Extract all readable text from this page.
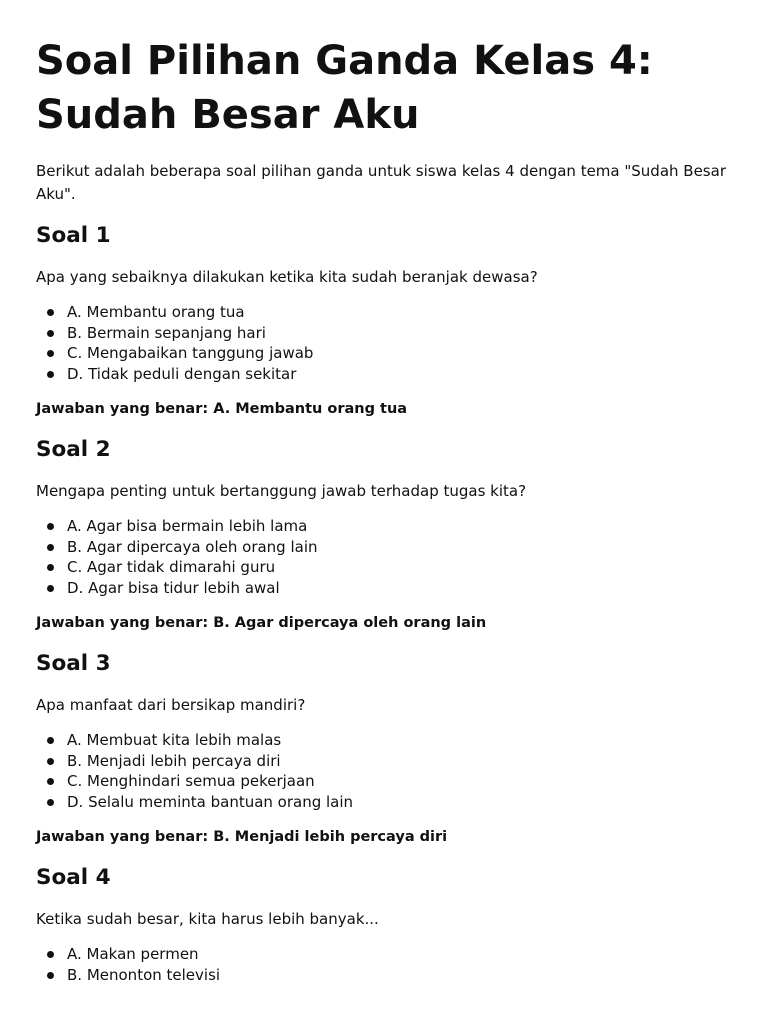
Soal Pilihan Ganda Kelas 4: Sudah Besar Aku

Berikut adalah beberapa soal pilihan ganda untuk siswa kelas 4 dengan tema "Sudah Besar Aku".

Soal 1

Apa yang sebaiknya dilakukan ketika kita sudah beranjak dewasa?

A. Membantu orang tua
B. Bermain sepanjang hari
C. Mengabaikan tanggung jawab
D. Tidak peduli dengan sekitar

Jawaban yang benar: A. Membantu orang tua

Soal 2

Mengapa penting untuk bertanggung jawab terhadap tugas kita?

A. Agar bisa bermain lebih lama
B. Agar dipercaya oleh orang lain
C. Agar tidak dimarahi guru
D. Agar bisa tidur lebih awal

Jawaban yang benar: B. Agar dipercaya oleh orang lain

Soal 3

Apa manfaat dari bersikap mandiri?

A. Membuat kita lebih malas
B. Menjadi lebih percaya diri
C. Menghindari semua pekerjaan
D. Selalu meminta bantuan orang lain

Jawaban yang benar: B. Menjadi lebih percaya diri

Soal 4

Ketika sudah besar, kita harus lebih banyak...

A. Makan permen
B. Menonton televisi
